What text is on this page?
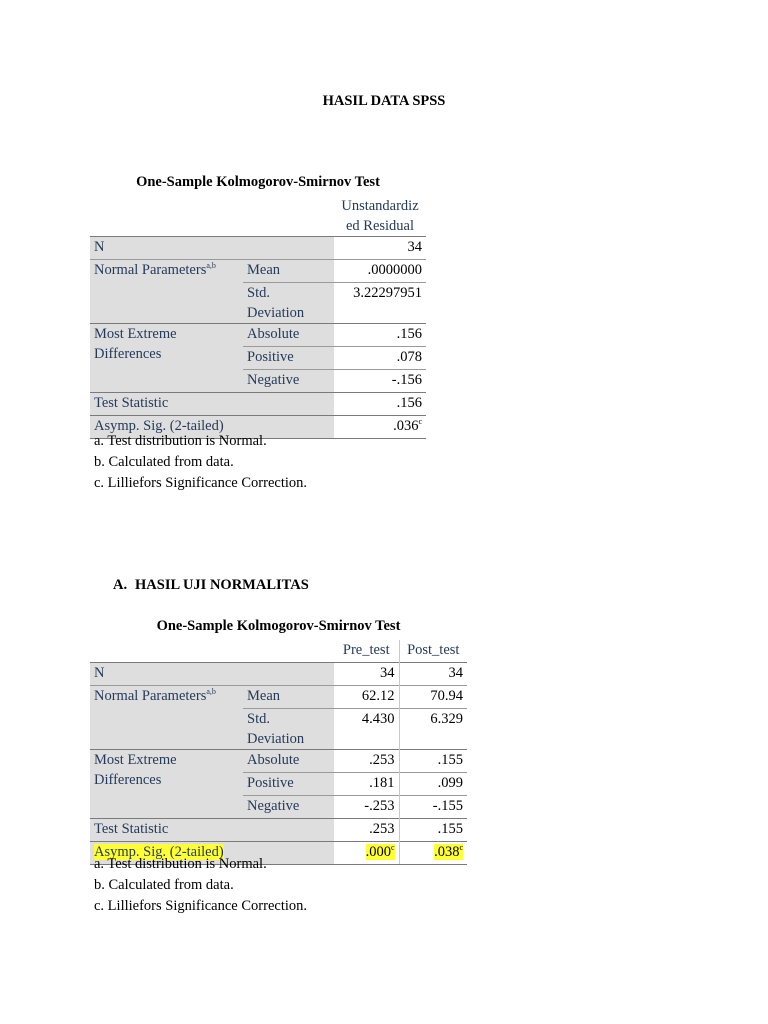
HASIL DATA SPSS
One-Sample Kolmogorov-Smirnov Test		
		Unstandardiz
ed Residual
N		34
Normal Parameters$^{a,b}$	Mean	.0000000
	Std.
Deviation	3.22297951

Most Extreme
Differences	Absolute	.156
	Positive	.078
	Negative	-.156
Test Statistic		.156
Asymp. Sig. (2-tailed)		.036$^c$
a. Test distribution is Normal.
b. Calculated from data.
c. Lilliefors Significance Correction.
A. HASIL UJI NORMALITAS
One-Sample Kolmogorov-Smirnov Test			
		Pre_test	Post_test
N		34	34
Normal Parameters$^{a,b}$	Mean	62.12	70.94
	Std.
Deviation	4.430	6.329

Most Extreme
Differences	Absolute	.253	.155
	Positive	.181	.099
	Negative	-.253	-.155
Test Statistic		.253	.155
Asymp. Sig. (2-tailed)		.000$^c$	.038$^c$
a. Test distribution is Normal.
b. Calculated from data.
c. Lilliefors Significance Correction.
